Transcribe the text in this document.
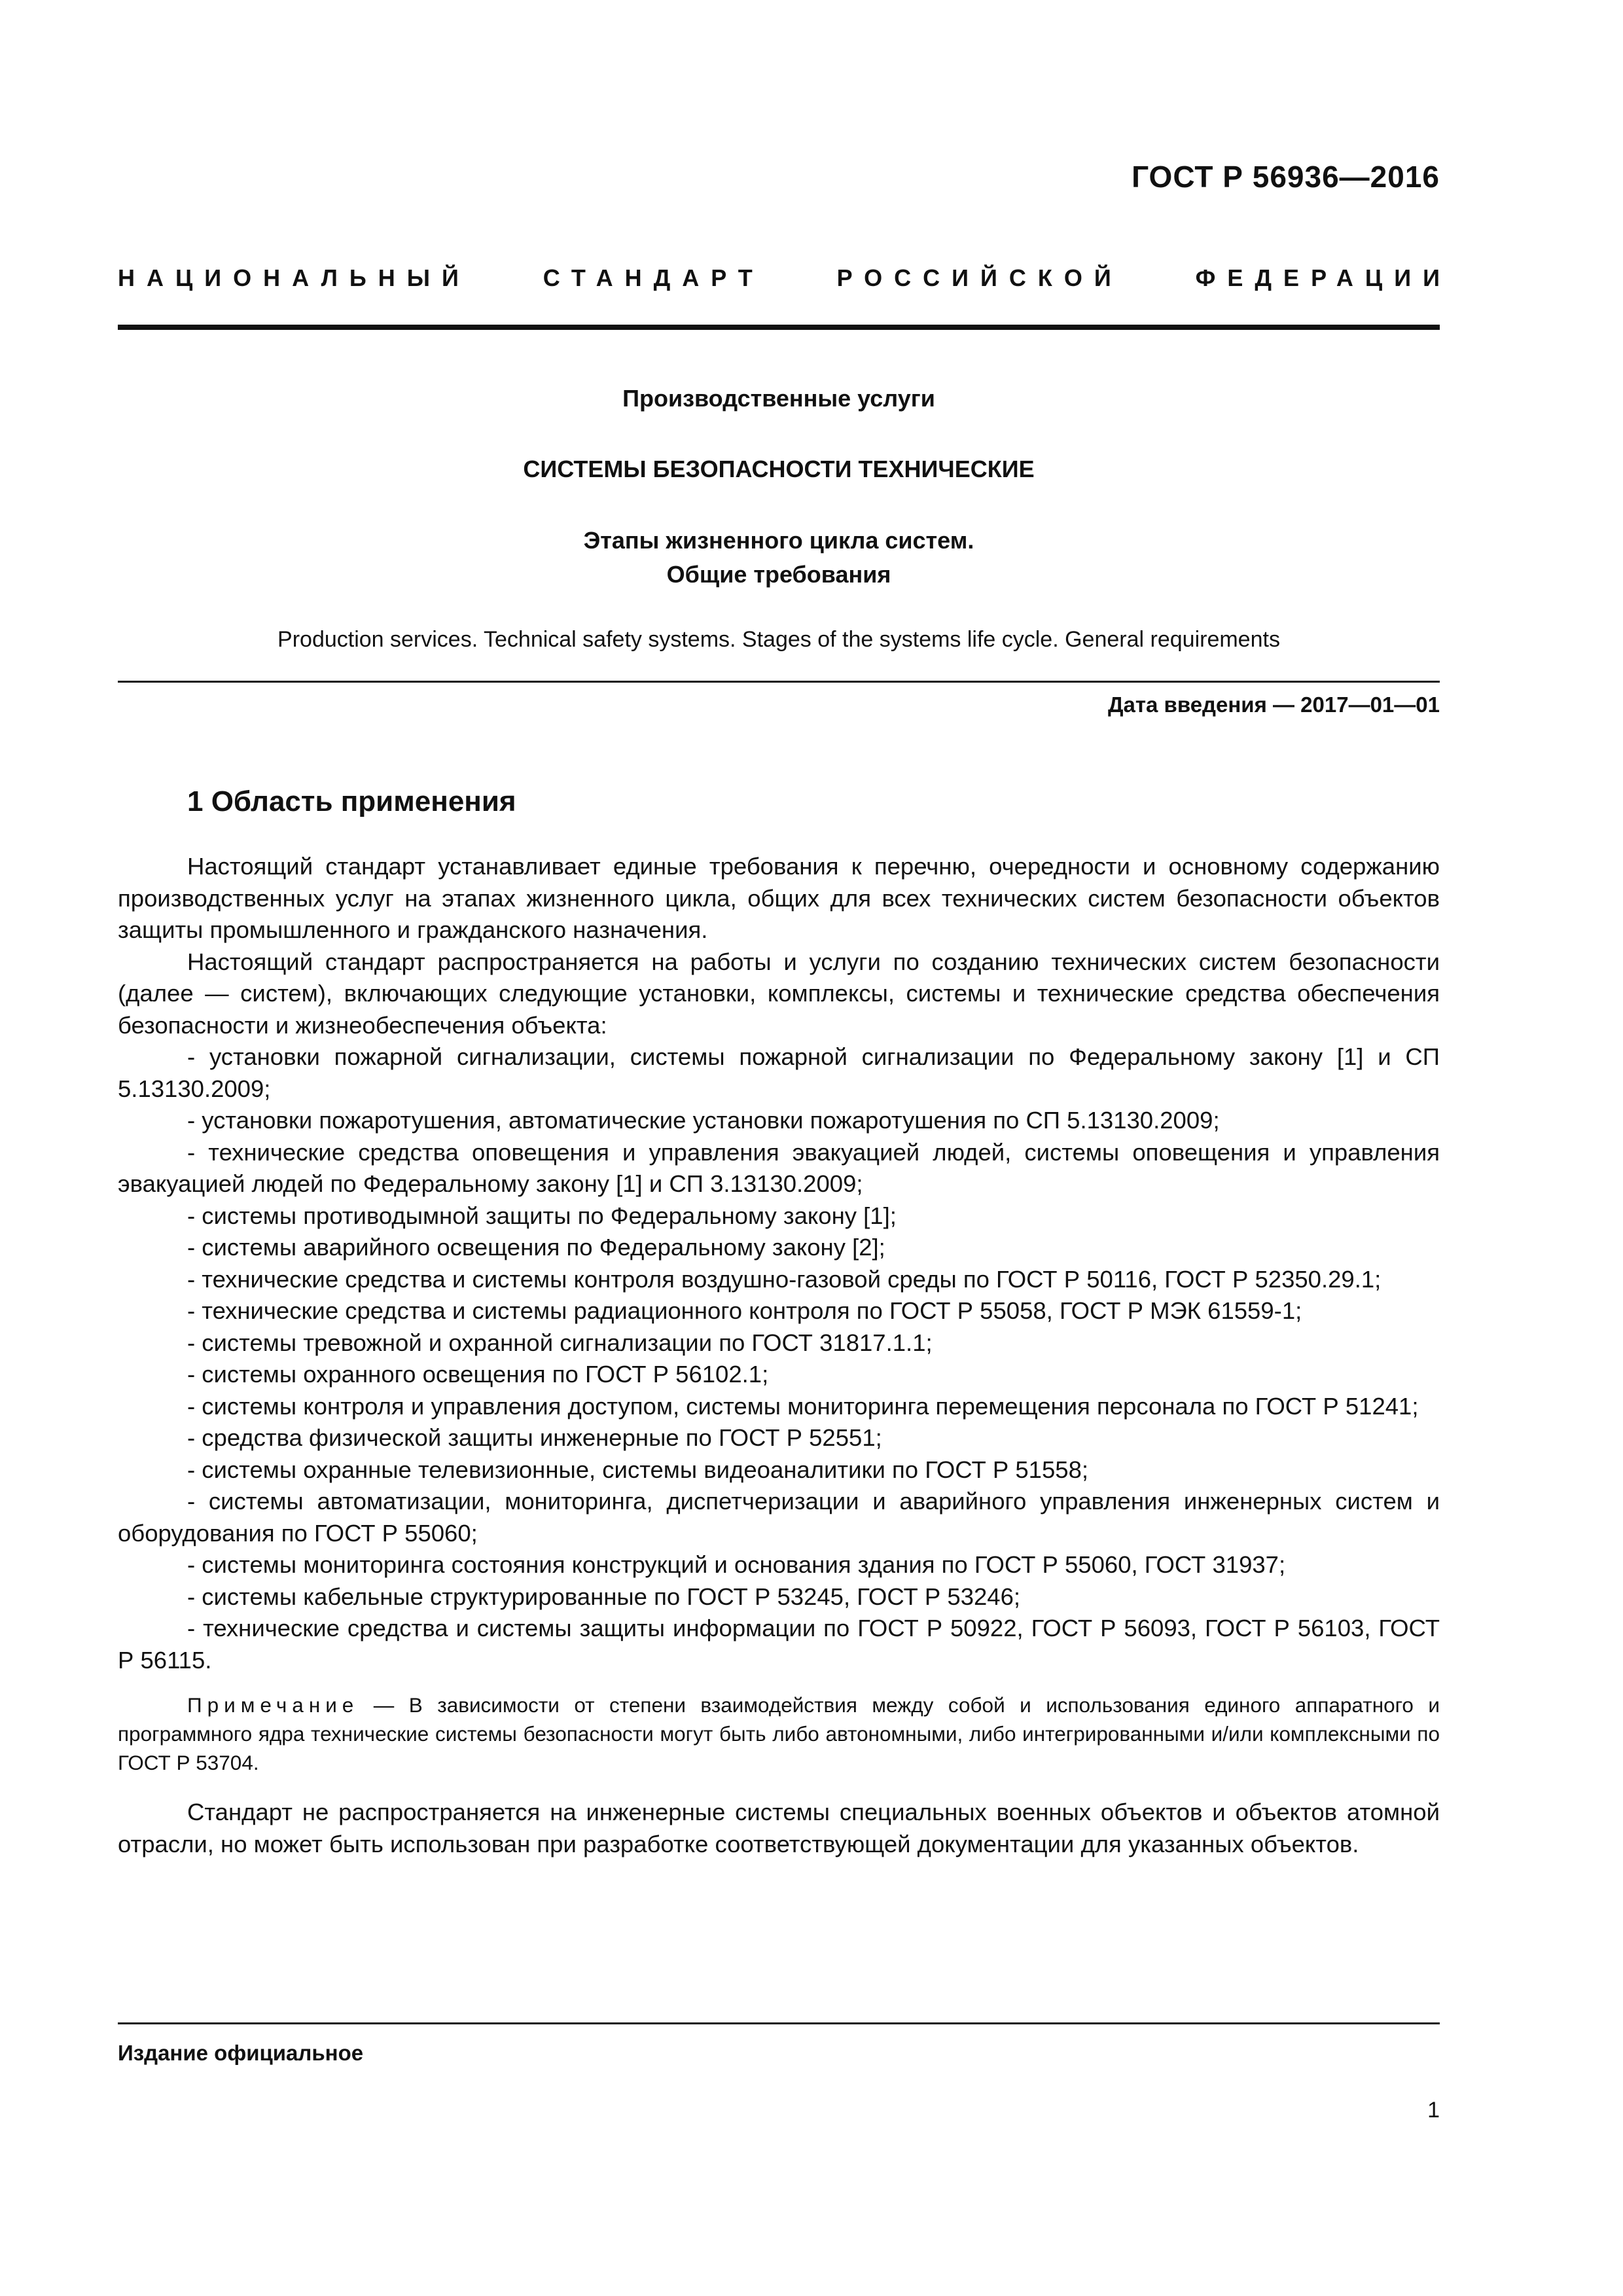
ГОСТ Р 56936—2016
НАЦИОНАЛЬНЫЙ	СТАНДАРТ	РОССИЙСКОЙ	ФЕДЕРАЦИИ
Производственные услуги
СИСТЕМЫ БЕЗОПАСНОСТИ ТЕХНИЧЕСКИЕ
Этапы жизненного цикла систем.
Общие требования
Production services. Technical safety systems. Stages of the systems life cycle. General requirements
Дата введения — 2017—01—01
1 Область применения

Настоящий стандарт устанавливает единые требования к перечню, очередности и основному содержанию производственных услуг на этапах жизненного цикла, общих для всех технических систем безопасности объектов защиты промышленного и гражданского назначения.

Настоящий стандарт распространяется на работы и услуги по созданию технических систем безопасности (далее — систем), включающих следующие установки, комплексы, системы и технические средства обеспечения безопасности и жизнеобеспечения объекта:

- установки пожарной сигнализации, системы пожарной сигнализации по Федеральному закону [1] и СП 5.13130.2009;

- установки пожаротушения, автоматические установки пожаротушения по СП 5.13130.2009;

- технические средства оповещения и управления эвакуацией людей, системы оповещения и управления эвакуацией людей по Федеральному закону [1] и СП 3.13130.2009;

- системы противодымной защиты по Федеральному закону [1];

- системы аварийного освещения по Федеральному закону [2];

- технические средства и системы контроля воздушно-газовой среды по ГОСТ Р 50116, ГОСТ Р 52350.29.1;

- технические средства и системы радиационного контроля по ГОСТ Р 55058, ГОСТ Р МЭК 61559-1;

- системы тревожной и охранной сигнализации по ГОСТ 31817.1.1;

- системы охранного освещения по ГОСТ Р 56102.1;

- системы контроля и управления доступом, системы мониторинга перемещения персонала по ГОСТ Р 51241;

- средства физической защиты инженерные по ГОСТ Р 52551;

- системы охранные телевизионные, системы видеоаналитики по ГОСТ Р 51558;

- системы автоматизации, мониторинга, диспетчеризации и аварийного управления инженерных систем и оборудования по ГОСТ Р 55060;

- системы мониторинга состояния конструкций и основания здания по ГОСТ Р 55060, ГОСТ 31937;

- системы кабельные структурированные по ГОСТ Р 53245, ГОСТ Р 53246;

- технические средства и системы защиты информации по ГОСТ Р 50922, ГОСТ Р 56093, ГОСТ Р 56103, ГОСТ Р 56115.

Примечание — В зависимости от степени взаимодействия между собой и использования единого аппаратного и программного ядра технические системы безопасности могут быть либо автономными, либо интегрированными и/или комплексными по ГОСТ Р 53704.

Стандарт не распространяется на инженерные системы специальных военных объектов и объектов атомной отрасли, но может быть использован при разработке соответствующей документации для указанных объектов.

Издание официальное
1
